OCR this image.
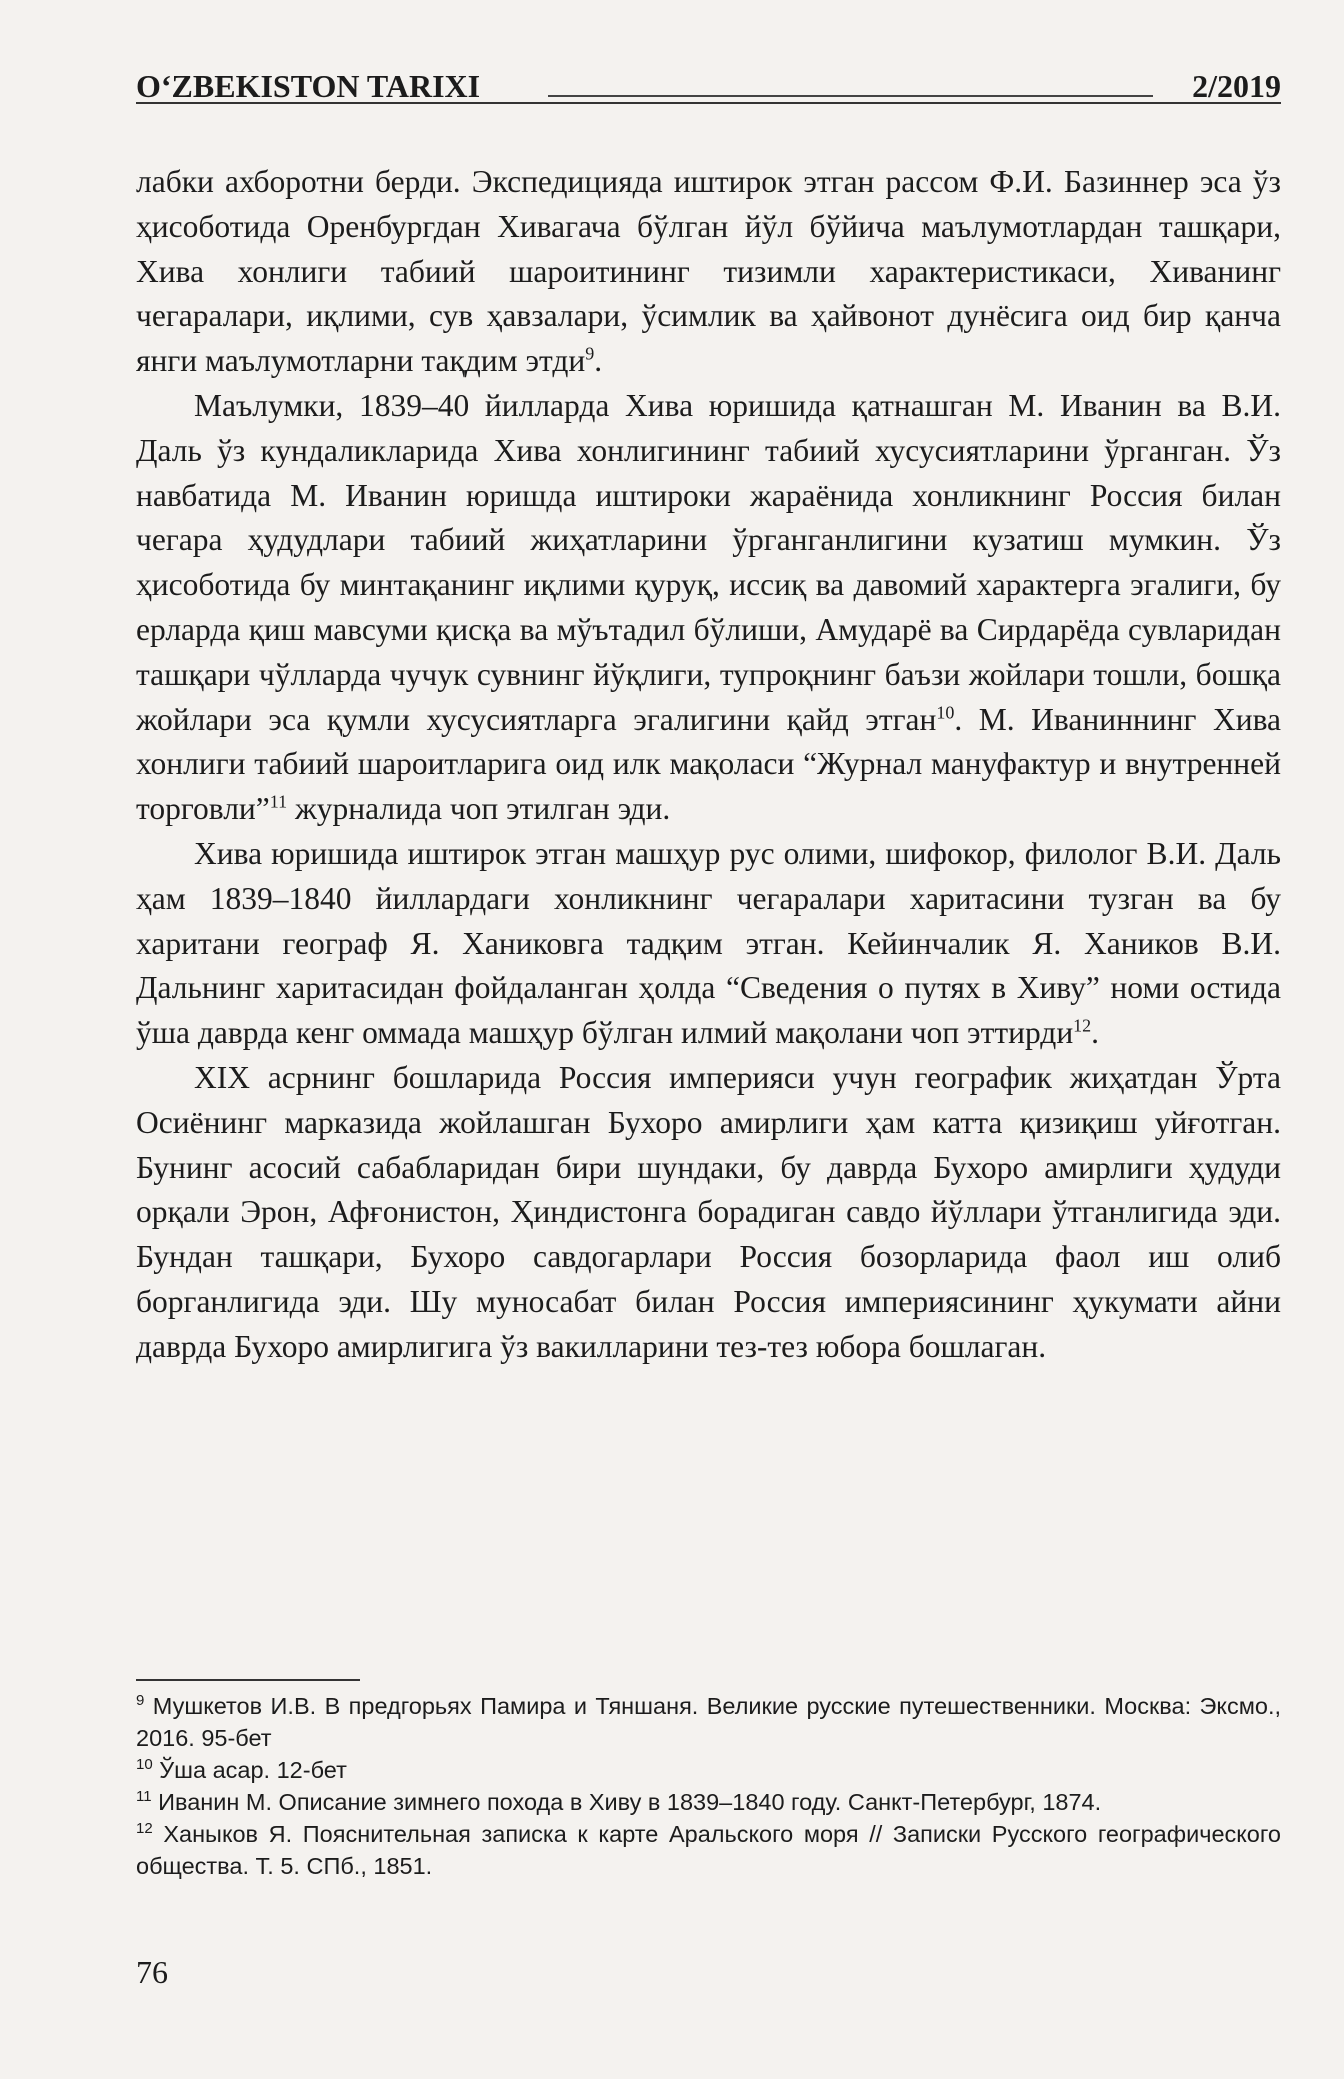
O‘ZBEKISTON TARIXI	2/2019

лабки ахборотни берди. Экспедицияда иштирок этган рассом Ф.И. Базиннер эса ўз ҳисоботида Оренбургдан Хивагача бўлган йўл бўйича маълумотлардан ташқари, Хива хонлиги табиий шароитининг тизимли характеристикаси, Хиванинг чегаралари, иқлими, сув ҳавзалари, ўсимлик ва ҳайвонот дунёсига оид бир қанча янги маълумотларни тақдим этди$^9$.

Маълумки, 1839–40 йилларда Хива юришида қатнашган М. Иванин ва В.И. Даль ўз кундаликларида Хива хонлигининг табиий хусусиятларини ўрганган. Ўз навбатида М. Иванин юришда иштироки жараёнида хонликнинг Россия билан чегара ҳудудлари табиий жиҳатларини ўрганганлигини кузатиш мумкин. Ўз ҳисоботида бу минтақанинг иқлими қуруқ, иссиқ ва давомий характерга эгалиги, бу ерларда қиш мавсуми қисқа ва мўътадил бўлиши, Амударё ва Сирдарёда сувларидан ташқари чўлларда чучук сувнинг йўқлиги, тупроқнинг баъзи жойлари тошли, бошқа жойлари эса қумли хусусиятларга эгалигини қайд этган$^{10}$. М. Иваниннинг Хива хонлиги табиий шароитларига оид илк мақоласи “Журнал мануфактур и внутренней торговли”$^{11}$ журналида чоп этилган эди.

Хива юришида иштирок этган машҳур рус олими, шифокор, филолог В.И. Даль ҳам 1839–1840 йиллардаги хонликнинг чегаралари харитасини тузган ва бу харитани географ Я. Ханиковга тадқим этган. Кейинчалик Я. Хаников В.И. Дальнинг харитасидан фойдаланган ҳолда “Сведения о путях в Хиву” номи остида ўша даврда кенг оммада машҳур бўлган илмий мақолани чоп эттирди$^{12}$.

XIX асрнинг бошларида Россия империяси учун географик жиҳатдан Ўрта Осиёнинг марказида жойлашган Бухоро амирлиги ҳам катта қизиқиш уйғотган. Бунинг асосий сабабларидан бири шундаки, бу даврда Бухоро амирлиги ҳудуди орқали Эрон, Афғонистон, Ҳиндистонга борадиган савдо йўллари ўтганлигида эди. Бундан ташқари, Бухоро савдогарлари Россия бозорларида фаол иш олиб борганлигида эди. Шу муносабат билан Россия империясининг ҳукумати айни даврда Бухоро амирлигига ўз вакилларини тез-тез юбора бошлаган.

$^9$ Мушкетов И.В. В предгорьях Памира и Тяншаня. Великие русские путешественники. Москва: Эксмо., 2016. 95-бет

$^{10}$ Ўша асар. 12-бет

$^{11}$ Иванин М. Описание зимнего похода в Хиву в 1839–1840 году. Санкт-Петербург, 1874.

$^{12}$ Ханыков Я. Пояснительная записка к карте Аральского моря // Записки Русского географического общества. Т. 5. СПб., 1851.

76
